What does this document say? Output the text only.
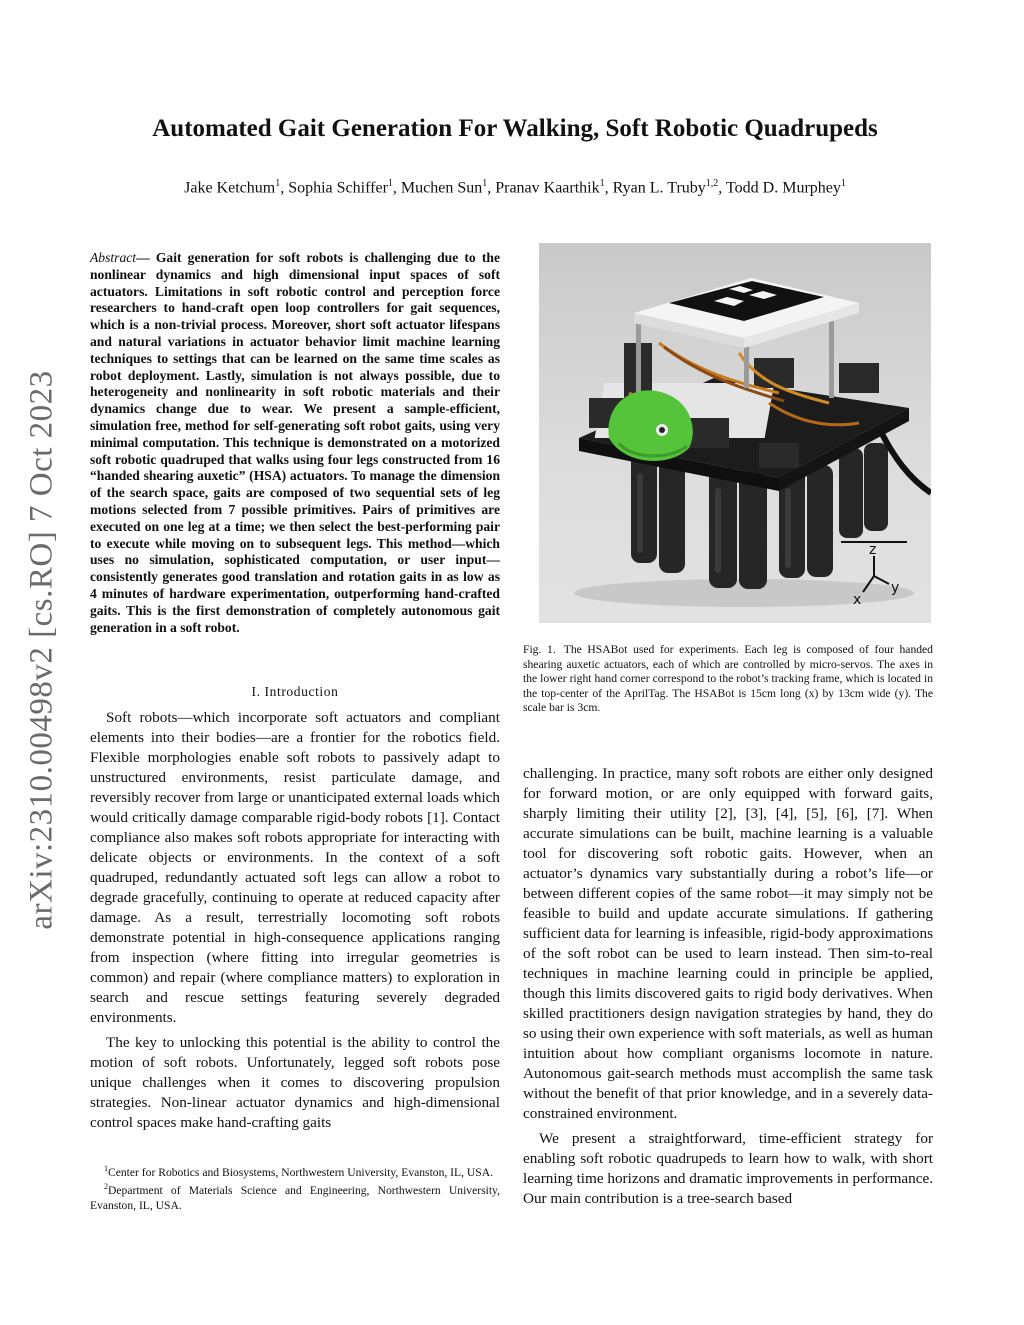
arXiv:2310.00498v2 [cs.RO] 7 Oct 2023
Automated Gait Generation For Walking, Soft Robotic Quadrupeds
Jake Ketchum$^1$, Sophia Schiffer$^1$, Muchen Sun$^1$, Pranav Kaarthik$^1$, Ryan L. Truby$^{1,2}$, Todd D. Murphey$^1$
Abstract— Gait generation for soft robots is challenging due to the nonlinear dynamics and high dimensional input spaces of soft actuators. Limitations in soft robotic control and perception force researchers to hand-craft open loop controllers for gait sequences, which is a non-trivial process. Moreover, short soft actuator lifespans and natural variations in actuator behavior limit machine learning techniques to settings that can be learned on the same time scales as robot deployment. Lastly, simulation is not always possible, due to heterogeneity and nonlinearity in soft robotic materials and their dynamics change due to wear. We present a sample-efficient, simulation free, method for self-generating soft robot gaits, using very minimal computation. This technique is demonstrated on a motorized soft robotic quadruped that walks using four legs constructed from 16 “handed shearing auxetic” (HSA) actuators. To manage the dimension of the search space, gaits are composed of two sequential sets of leg motions selected from 7 possible primitives. Pairs of primitives are executed on one leg at a time; we then select the best-performing pair to execute while moving on to subsequent legs. This method—which uses no simulation, sophisticated computation, or user input—consistently generates good translation and rotation gaits in as low as 4 minutes of hardware experimentation, outperforming hand-crafted gaits. This is the first demonstration of completely autonomous gait generation in a soft robot.
I. Introduction

Soft robots—which incorporate soft actuators and compliant elements into their bodies—are a frontier for the robotics field. Flexible morphologies enable soft robots to passively adapt to unstructured environments, resist particulate damage, and reversibly recover from large or unanticipated external loads which would critically damage comparable rigid-body robots [1]. Contact compliance also makes soft robots appropriate for interacting with delicate objects or environments. In the context of a soft quadruped, redundantly actuated soft legs can allow a robot to degrade gracefully, continuing to operate at reduced capacity after damage. As a result, terrestrially locomoting soft robots demonstrate potential in high-consequence applications ranging from inspection (where fitting into irregular geometries is common) and repair (where compliance matters) to exploration in search and rescue settings featuring severely degraded environments.

The key to unlocking this potential is the ability to control the motion of soft robots. Unfortunately, legged soft robots pose unique challenges when it comes to discovering propulsion strategies. Non-linear actuator dynamics and high-dimensional control spaces make hand-crafting gaits

$^1$Center for Robotics and Biosystems, Northwestern University, Evanston, IL, USA.

$^2$Department of Materials Science and Engineering, Northwestern University, Evanston, IL, USA.

z
y
x
Fig. 1. The HSABot used for experiments. Each leg is composed of four handed shearing auxetic actuators, each of which are controlled by micro-servos. The axes in the lower right hand corner correspond to the robot’s tracking frame, which is located in the top-center of the AprilTag. The HSABot is 15cm long (x) by 13cm wide (y). The scale bar is 3cm.

challenging. In practice, many soft robots are either only designed for forward motion, or are only equipped with forward gaits, sharply limiting their utility [2], [3], [4], [5], [6], [7]. When accurate simulations can be built, machine learning is a valuable tool for discovering soft robotic gaits. However, when an actuator’s dynamics vary substantially during a robot’s life—or between different copies of the same robot—it may simply not be feasible to build and update accurate simulations. If gathering sufficient data for learning is infeasible, rigid-body approximations of the soft robot can be used to learn instead. Then sim-to-real techniques in machine learning could in principle be applied, though this limits discovered gaits to rigid body derivatives. When skilled practitioners design navigation strategies by hand, they do so using their own experience with soft materials, as well as human intuition about how compliant organisms locomote in nature. Autonomous gait-search methods must accomplish the same task without the benefit of that prior knowledge, and in a severely data-constrained environment.

We present a straightforward, time-efficient strategy for enabling soft robotic quadrupeds to learn how to walk, with short learning time horizons and dramatic improvements in performance. Our main contribution is a tree-search based
